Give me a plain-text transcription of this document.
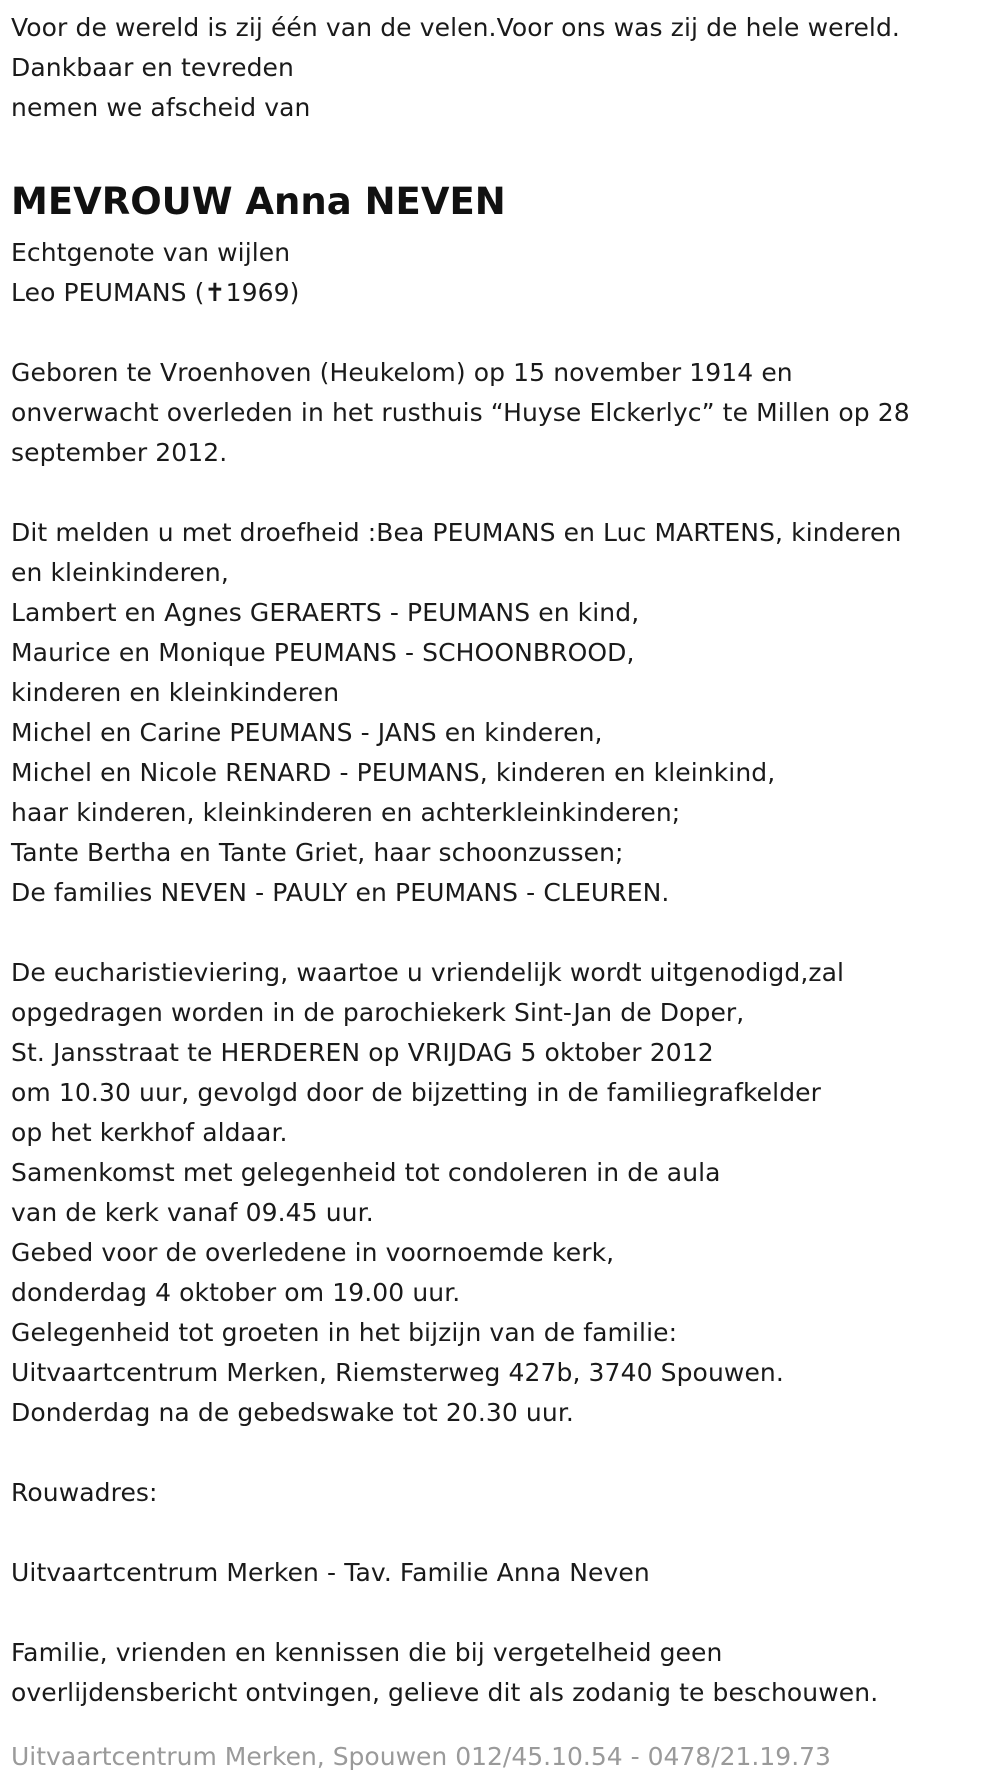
Voor de wereld is zij één van de velen.Voor ons was zij de hele wereld.
Dankbaar en tevreden
nemen we afscheid van
MEVROUW Anna NEVEN
Echtgenote van wijlen
Leo PEUMANS (✝1969)
Geboren te Vroenhoven (Heukelom) op 15 november 1914 en
onverwacht overleden in het rusthuis “Huyse Elckerlyc” te Millen op 28
september 2012.
Dit melden u met droefheid :Bea PEUMANS en Luc MARTENS, kinderen
en kleinkinderen,
Lambert en Agnes GERAERTS - PEUMANS en kind,
Maurice en Monique PEUMANS - SCHOONBROOD,
kinderen en kleinkinderen
Michel en Carine PEUMANS - JANS en kinderen,
Michel en Nicole RENARD - PEUMANS, kinderen en kleinkind,
haar kinderen, kleinkinderen en achterkleinkinderen;
Tante Bertha en Tante Griet, haar schoonzussen;
De families NEVEN - PAULY en PEUMANS - CLEUREN.
De eucharistieviering, waartoe u vriendelijk wordt uitgenodigd,zal
opgedragen worden in de parochiekerk Sint-Jan de Doper,
St. Jansstraat te HERDEREN op VRIJDAG 5 oktober 2012
om 10.30 uur, gevolgd door de bijzetting in de familiegrafkelder
op het kerkhof aldaar.
Samenkomst met gelegenheid tot condoleren in de aula
van de kerk vanaf 09.45 uur.
Gebed voor de overledene in voornoemde kerk,
donderdag 4 oktober om 19.00 uur.
Gelegenheid tot groeten in het bijzijn van de familie:
Uitvaartcentrum Merken, Riemsterweg 427b, 3740 Spouwen.
Donderdag na de gebedswake tot 20.30 uur.
Rouwadres:
Uitvaartcentrum Merken - Tav. Familie Anna Neven
Familie, vrienden en kennissen die bij vergetelheid geen
overlijdensbericht ontvingen, gelieve dit als zodanig te beschouwen.
Uitvaartcentrum Merken, Spouwen 012/45.10.54 - 0478/21.19.73
